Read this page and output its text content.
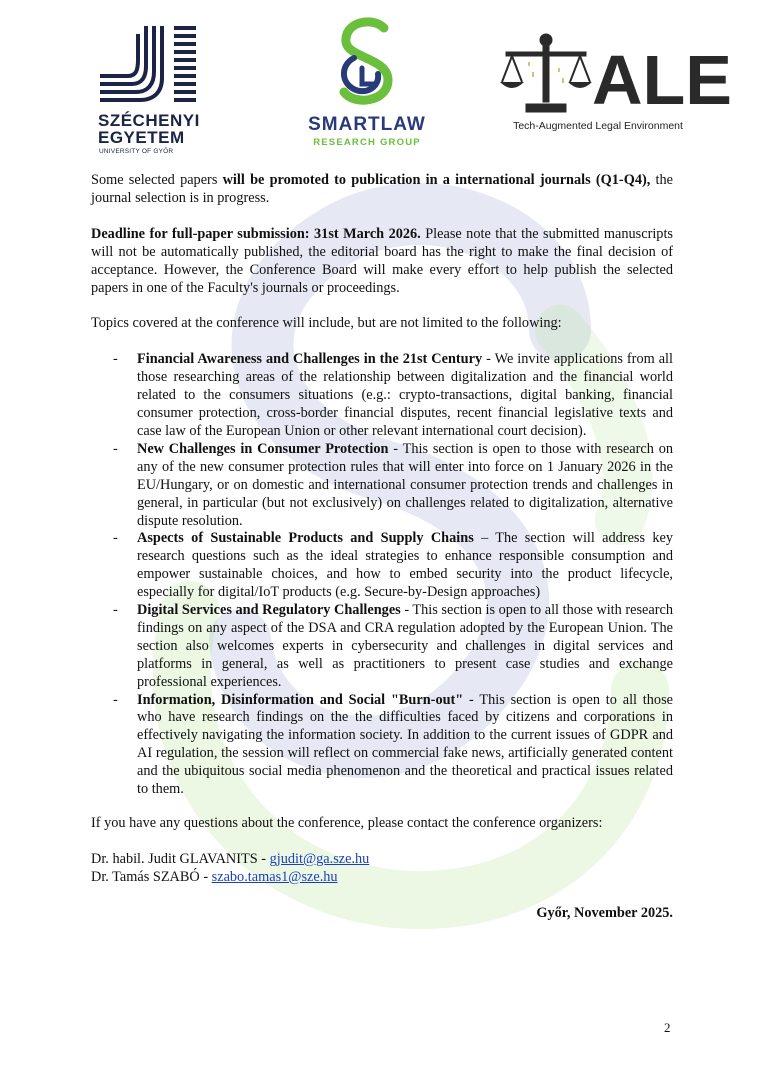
SZÉCHENYI
EGYETEM
UNIVERSITY OF GYŐR
SMARTLAW
RESEARCH GROUP
ALE
Tech-Augmented Legal Environment

Some selected papers will be promoted to publication in a international journals (Q1-Q4), the journal selection is in progress.

Deadline for full-paper submission: 31st March 2026. Please note that the submitted manuscripts will not be automatically published, the editorial board has the right to make the final decision of acceptance. However, the Conference Board will make every effort to help publish the selected papers in one of the Faculty's journals or proceedings.

Topics covered at the conference will include, but are not limited to the following:

- Financial Awareness and Challenges in the 21st Century - We invite applications from all those researching areas of the relationship between digitalization and the financial world related to the consumers situations (e.g.: crypto-transactions, digital banking, financial consumer protection, cross-border financial disputes, recent financial legislative texts and case law of the European Union or other relevant international court decision).
- New Challenges in Consumer Protection - This section is open to those with research on any of the new consumer protection rules that will enter into force on 1 January 2026 in the EU/Hungary, or on domestic and international consumer protection trends and challenges in general, in particular (but not exclusively) on challenges related to digitalization, alternative dispute resolution.
- Aspects of Sustainable Products and Supply Chains – The section will address key research questions such as the ideal strategies to enhance responsible consumption and empower sustainable choices, and how to embed security into the product lifecycle, especially for digital/IoT products (e.g. Secure-by-Design approaches)
- Digital Services and Regulatory Challenges - This section is open to all those with research findings on any aspect of the DSA and CRA regulation adopted by the European Union. The section also welcomes experts in cybersecurity and challenges in digital services and platforms in general, as well as practitioners to present case studies and exchange professional experiences.
- Information, Disinformation and Social "Burn-out" - This section is open to all those who have research findings on the the difficulties faced by citizens and corporations in effectively navigating the information society. In addition to the current issues of GDPR and AI regulation, the session will reflect on commercial fake news, artificially generated content and the ubiquitous social media phenomenon and the theoretical and practical issues related to them.

If you have any questions about the conference, please contact the conference organizers:

Dr. habil. Judit GLAVANITS - gjudit@ga.sze.hu
Dr. Tamás SZABÓ - szabo.tamas1@sze.hu
Győr, November 2025.
2
